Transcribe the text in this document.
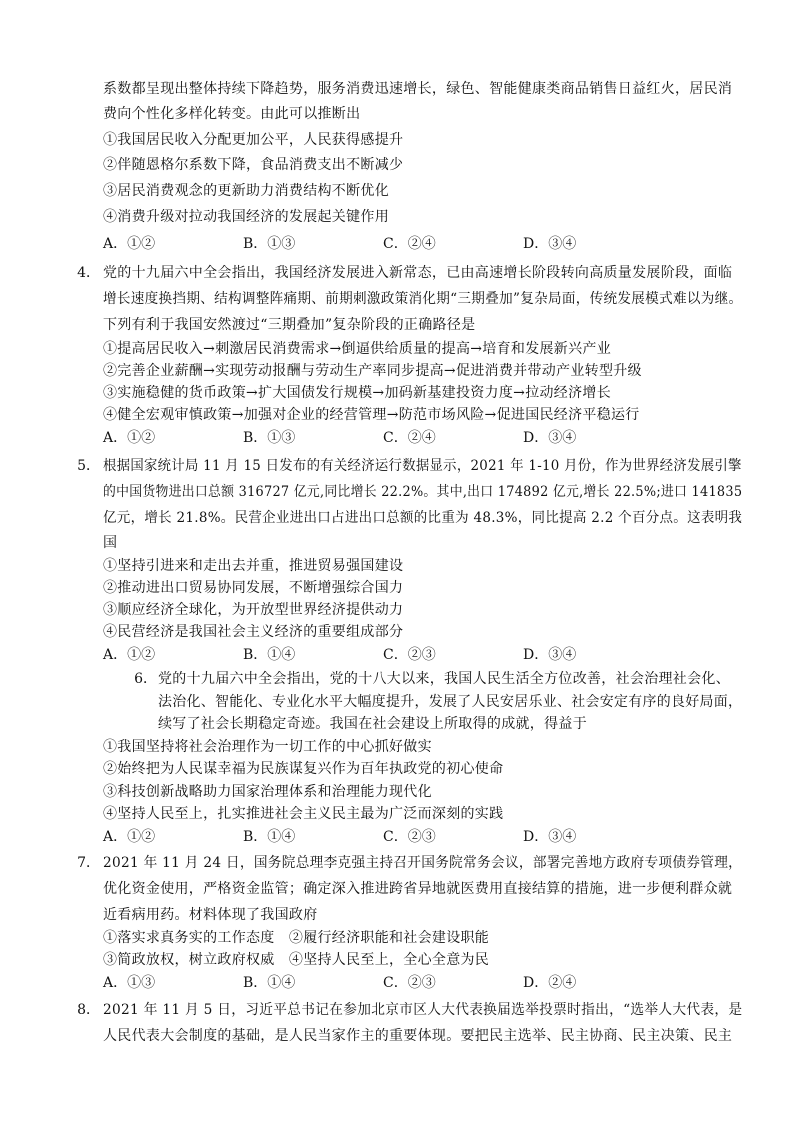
系数都呈现出整体持续下降趋势，服务消费迅速增长，绿色、智能健康类商品销售日益红火，居民消
费向个性化多样化转变。由此可以推断出
①我国居民收入分配更加公平，人民获得感提升
②伴随恩格尔系数下降，食品消费支出不断减少
③居民消费观念的更新助力消费结构不断优化
④消费升级对拉动我国经济的发展起关键作用
A．①②	B．①③	C．②④	D．③④
4． 党的十九届六中全会指出，我国经济发展进入新常态，已由高速增长阶段转向高质量发展阶段，面临
增长速度换挡期、结构调整阵痛期、前期刺激政策消化期“三期叠加”复杂局面，传统发展模式难以为继。
下列有利于我国安然渡过“三期叠加”复杂阶段的正确路径是
①提高居民收入→刺激居民消费需求→倒逼供给质量的提高→培育和发展新兴产业
②完善企业薪酬→实现劳动报酬与劳动生产率同步提高→促进消费并带动产业转型升级
③实施稳健的货币政策→扩大国债发行规模→加码新基建投资力度→拉动经济增长
④健全宏观审慎政策→加强对企业的经营管理→防范市场风险→促进国民经济平稳运行
A．①②	B．①③	C．②④	D．③④
5． 根据国家统计局 11 月 15 日发布的有关经济运行数据显示，2021 年 1-10 月份，作为世界经济发展引擎
的中国货物进出口总额 316727 亿元,同比增长 22.2%。其中,出口 174892 亿元,增长 22.5%;进口 141835
亿元，增长 21.8%。民营企业进出口占进出口总额的比重为 48.3%，同比提高 2.2 个百分点。这表明我
国
①坚持引进来和走出去并重，推进贸易强国建设
②推动进出口贸易协同发展，不断增强综合国力
③顺应经济全球化，为开放型世界经济提供动力
④民营经济是我国社会主义经济的重要组成部分
A．①②	B．①④	C．②③	D．③④
6． 党的十九届六中全会指出，党的十八大以来，我国人民生活全方位改善，社会治理社会化、
法治化、智能化、专业化水平大幅度提升，发展了人民安居乐业、社会安定有序的良好局面，
续写了社会长期稳定奇迹。我国在社会建设上所取得的成就，得益于
①我国坚持将社会治理作为一切工作的中心抓好做实
②始终把为人民谋幸福为民族谋复兴作为百年执政党的初心使命
③科技创新战略助力国家治理体系和治理能力现代化
④坚持人民至上，扎实推进社会主义民主最为广泛而深刻的实践
A．①②	B．①④	C．②③	D．③④
7． 2021 年 11 月 24 日，国务院总理李克强主持召开国务院常务会议，部署完善地方政府专项债券管理，
优化资金使用，严格资金监管；确定深入推进跨省异地就医费用直接结算的措施，进一步便利群众就
近看病用药。材料体现了我国政府
①落实求真务实的工作态度　②履行经济职能和社会建设职能
③简政放权，树立政府权威　④坚持人民至上，全心全意为民
A．①③	B．①④	C．②③	D．②④
8． 2021 年 11 月 5 日，习近平总书记在参加北京市区人大代表换届选举投票时指出，“选举人大代表，是
人民代表大会制度的基础，是人民当家作主的重要体现。要把民主选举、民主协商、民主决策、民主
